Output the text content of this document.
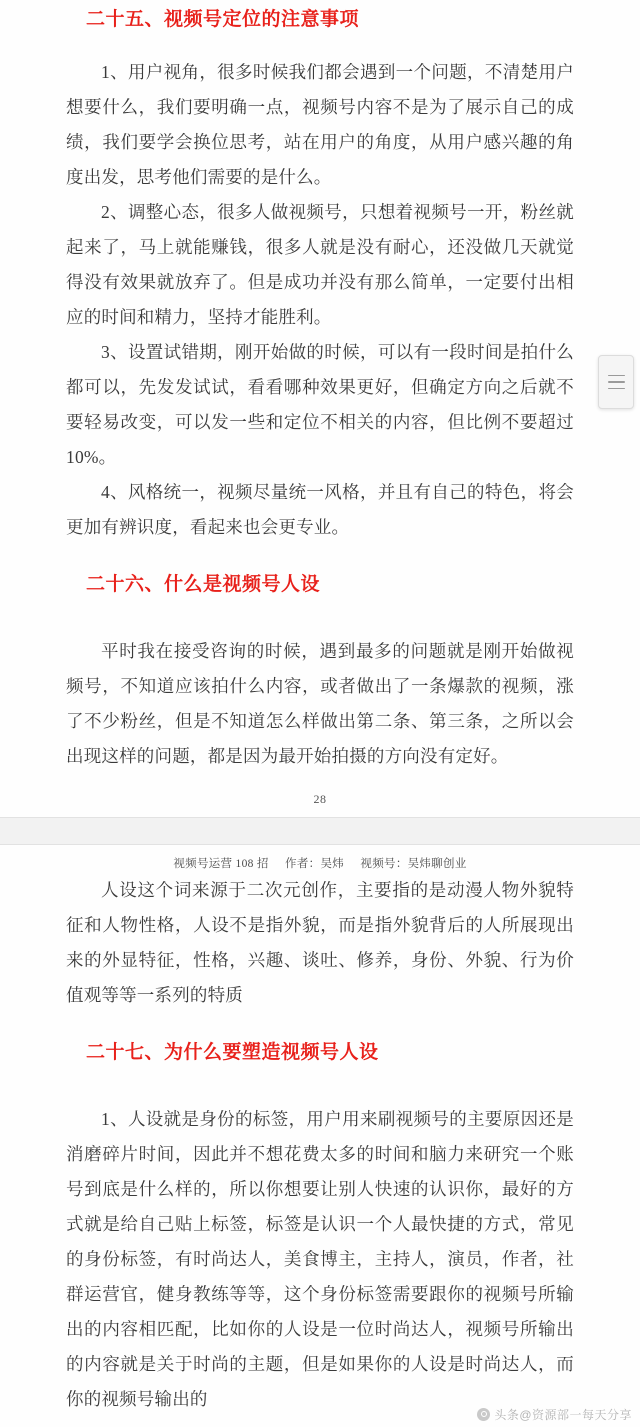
二十五、视频号定位的注意事项

1、用户视角，很多时候我们都会遇到一个问题，不清楚用户想要什么，我们要明确一点，视频号内容不是为了展示自己的成绩，我们要学会换位思考，站在用户的角度，从用户感兴趣的角度出发，思考他们需要的是什么。

2、调整心态，很多人做视频号，只想着视频号一开，粉丝就起来了，马上就能赚钱，很多人就是没有耐心，还没做几天就觉得没有效果就放弃了。但是成功并没有那么简单，一定要付出相应的时间和精力，坚持才能胜利。

3、设置试错期，刚开始做的时候，可以有一段时间是拍什么都可以，先发发试试，看看哪种效果更好，但确定方向之后就不要轻易改变，可以发一些和定位不相关的内容，但比例不要超过 10%。

4、风格统一，视频尽量统一风格，并且有自己的特色，将会更加有辨识度，看起来也会更专业。

二十六、什么是视频号人设

平时我在接受咨询的时候，遇到最多的问题就是刚开始做视频号，不知道应该拍什么内容，或者做出了一条爆款的视频，涨了不少粉丝，但是不知道怎么样做出第二条、第三条，之所以会出现这样的问题，都是因为最开始拍摄的方向没有定好。

28
视频号运营 108 招 作者：吴炜 视频号：吴炜聊创业

人设这个词来源于二次元创作，主要指的是动漫人物外貌特征和人物性格，人设不是指外貌，而是指外貌背后的人所展现出来的外显特征，性格，兴趣、谈吐、修养，身份、外貌、行为价值观等等一系列的特质

二十七、为什么要塑造视频号人设

1、人设就是身份的标签，用户用来刷视频号的主要原因还是消磨碎片时间，因此并不想花费太多的时间和脑力来研究一个账号到底是什么样的，所以你想要让别人快速的认识你，最好的方式就是给自己贴上标签，标签是认识一个人最快捷的方式，常见的身份标签，有时尚达人，美食博主，主持人，演员，作者，社群运营官，健身教练等等，这个身份标签需要跟你的视频号所输出的内容相匹配，比如你的人设是一位时尚达人，视频号所输出的内容就是关于时尚的主题，但是如果你的人设是时尚达人，而你的视频号输出的

头条@资源部一每天分享
